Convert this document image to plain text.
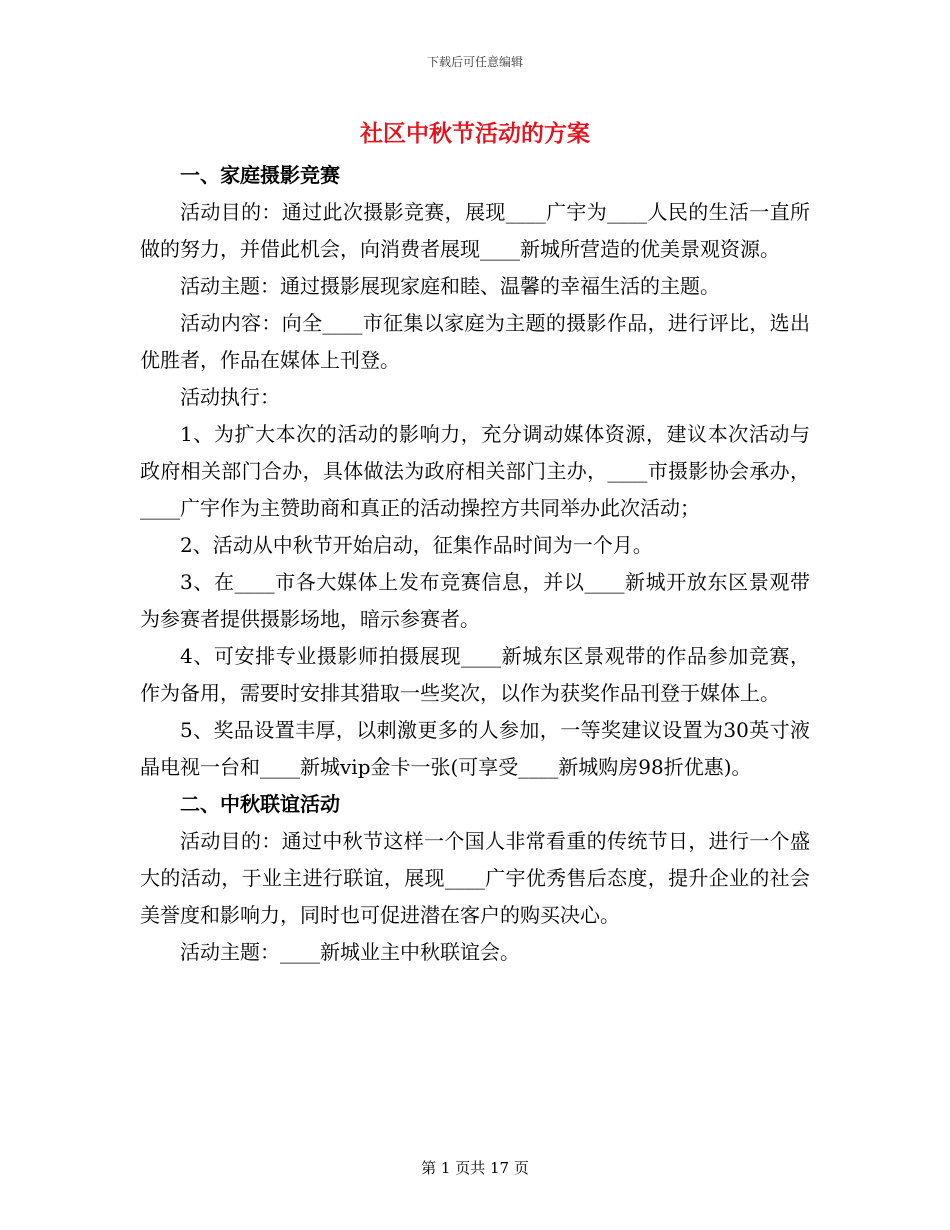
下载后可任意编辑
社区中秋节活动的方案
一、家庭摄影竞赛

活动目的：通过此次摄影竞赛，展现____广宇为____人民的生活一直所做的努力，并借此机会，向消费者展现____新城所营造的优美景观资源。

活动主题：通过摄影展现家庭和睦、温馨的幸福生活的主题。

活动内容：向全____市征集以家庭为主题的摄影作品，进行评比，选出优胜者，作品在媒体上刊登。

活动执行：

1、为扩大本次的活动的影响力，充分调动媒体资源，建议本次活动与政府相关部门合办，具体做法为政府相关部门主办，____市摄影协会承办，____广宇作为主赞助商和真正的活动操控方共同举办此次活动；

2、活动从中秋节开始启动，征集作品时间为一个月。

3、在____市各大媒体上发布竞赛信息，并以____新城开放东区景观带为参赛者提供摄影场地，暗示参赛者。

4、可安排专业摄影师拍摄展现____新城东区景观带的作品参加竞赛，作为备用，需要时安排其猎取一些奖次，以作为获奖作品刊登于媒体上。

5、奖品设置丰厚，以刺激更多的人参加，一等奖建议设置为30英寸液晶电视一台和____新城vip金卡一张(可享受____新城购房98折优惠)。

二、中秋联谊活动

活动目的：通过中秋节这样一个国人非常看重的传统节日，进行一个盛大的活动，于业主进行联谊，展现____广宇优秀售后态度，提升企业的社会美誉度和影响力，同时也可促进潜在客户的购买决心。

活动主题：____新城业主中秋联谊会。

第 1 页共 17 页
